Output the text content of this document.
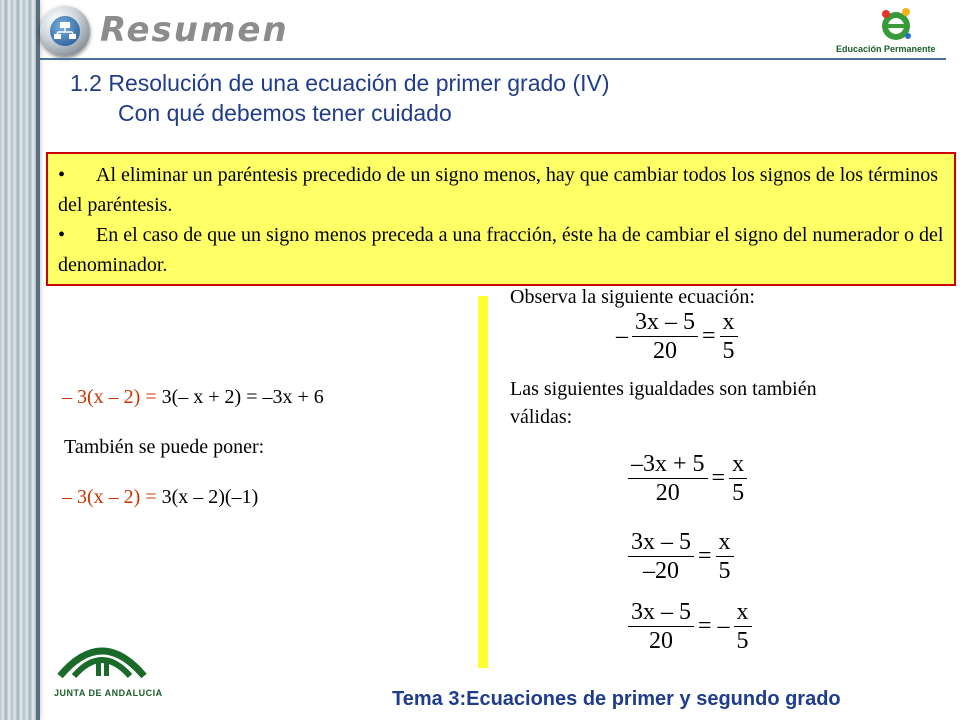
Resumen	Educación Permanente
1.2 Resolución de una ecuación de primer grado (IV)
Con qué debemos tener cuidado

• Al eliminar un paréntesis precedido de un signo menos, hay que cambiar todos los signos de los términos del paréntesis.

• En el caso de que un signo menos preceda a una fracción, éste ha de cambiar el signo del numerador o del denominador.

– 3(x – 2) = 3(– x + 2) = –3x + 6
También se puede poner:
– 3(x – 2) = 3(x – 2)(–1)
Observa la siguiente ecuación:
– $\frac{3x - 5}{20} = \frac{x}{5}$
Las siguientes igualdades son también
válidas:
$\frac{-3x + 5}{20} = \frac{x}{5}$
$\frac{3x - 5}{-20} = \frac{x}{5}$
$\frac{3x - 5}{20}$ = – $\frac{x}{5}$
JUNTA DE ANDALUCIA	Tema 3:Ecuaciones de primer y segundo grado
